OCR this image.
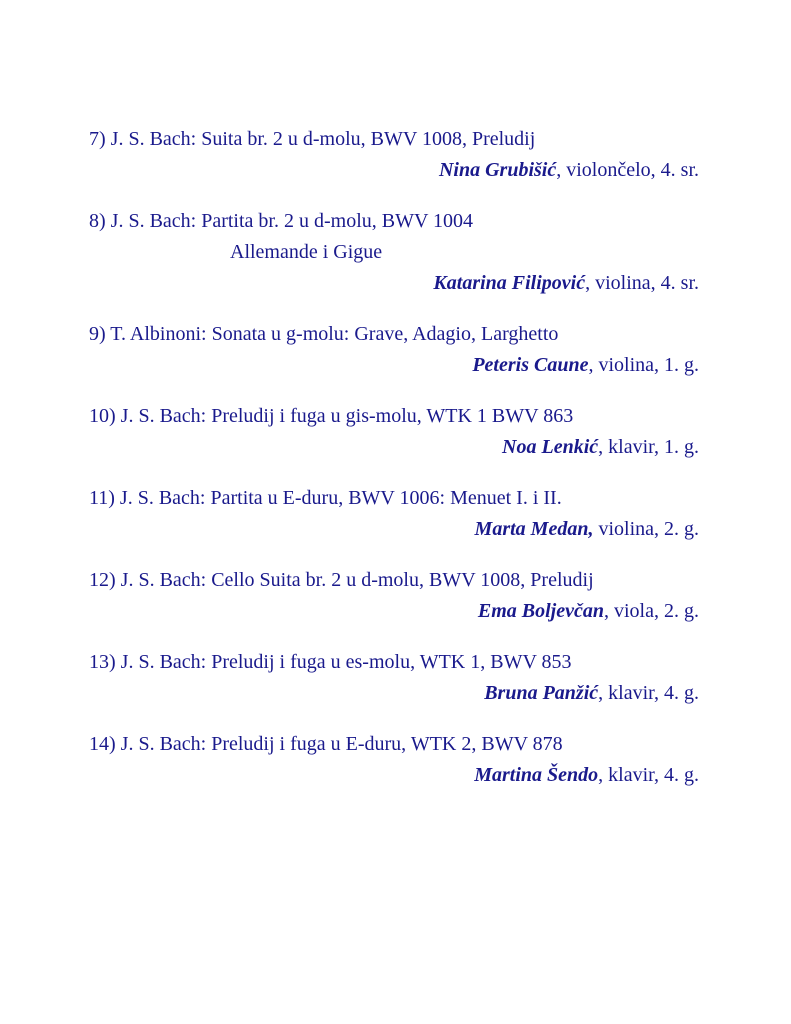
7) J. S. Bach: Suita br. 2 u d-molu, BWV 1008, Preludij
Nina Grubišić, violončelo, 4. sr.
8) J. S. Bach: Partita br. 2 u d-molu, BWV 1004
Allemande i Gigue
Katarina Filipović, violina, 4. sr.
9) T. Albinoni: Sonata u g-molu: Grave, Adagio, Larghetto
Peteris Caune, violina, 1. g.
10) J. S. Bach: Preludij i fuga u gis-molu, WTK 1 BWV 863
Noa Lenkić, klavir, 1. g.
11) J. S. Bach: Partita u E-duru, BWV 1006: Menuet I. i II.
Marta Medan, violina, 2. g.
12) J. S. Bach: Cello Suita br. 2 u d-molu, BWV 1008, Preludij
Ema Boljevčan, viola, 2. g.
13) J. S. Bach: Preludij i fuga u es-molu, WTK 1, BWV 853
Bruna Panžić, klavir, 4. g.
14) J. S. Bach: Preludij i fuga u E-duru, WTK 2, BWV 878
Martina Šendo, klavir, 4. g.
